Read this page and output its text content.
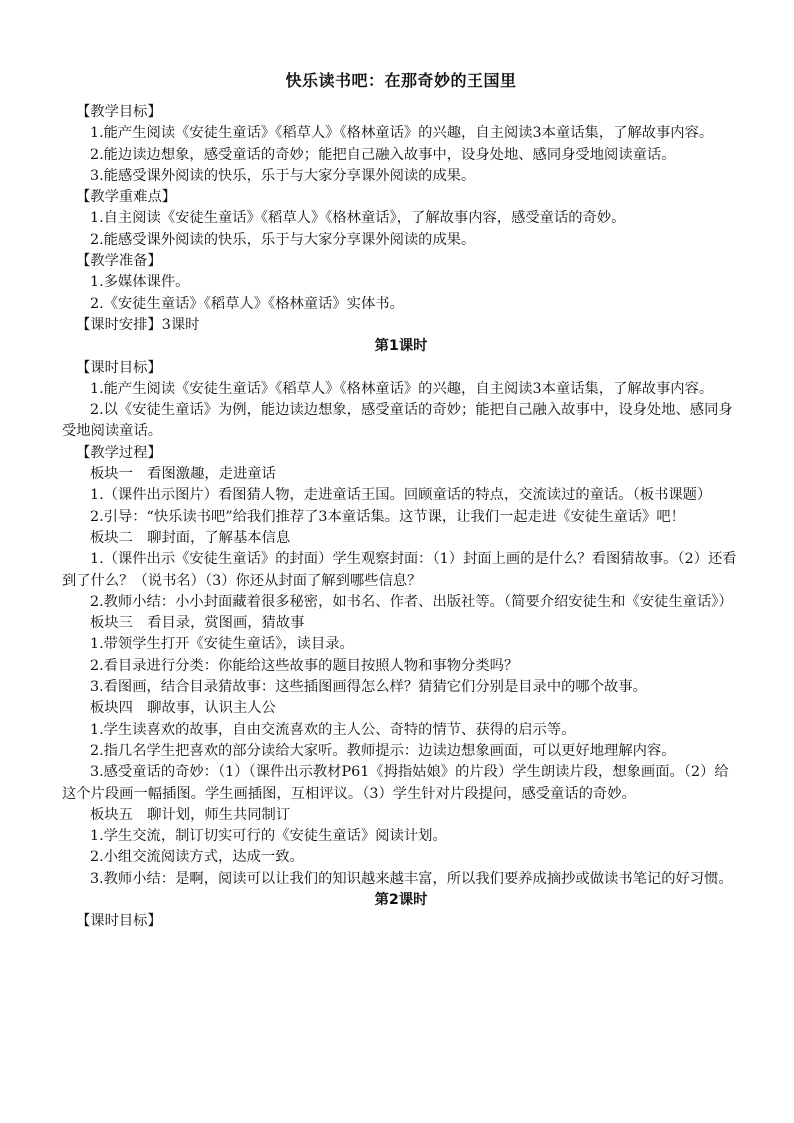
快乐读书吧：在那奇妙的王国里
【教学目标】
1.能产生阅读《安徒生童话》《稻草人》《格林童话》的兴趣，自主阅读3本童话集，了解故事内容。
2.能边读边想象，感受童话的奇妙；能把自己融入故事中，设身处地、感同身受地阅读童话。
3.能感受课外阅读的快乐，乐于与大家分享课外阅读的成果。
【教学重难点】
1.自主阅读《安徒生童话》《稻草人》《格林童话》，了解故事内容，感受童话的奇妙。
2.能感受课外阅读的快乐，乐于与大家分享课外阅读的成果。
【教学准备】
1.多媒体课件。
2.《安徒生童话》《稻草人》《格林童话》实体书。
【课时安排】3课时
第1课时
【课时目标】
1.能产生阅读《安徒生童话》《稻草人》《格林童话》的兴趣，自主阅读3本童话集，了解故事内容。
2.以《安徒生童话》为例，能边读边想象，感受童话的奇妙；能把自己融入故事中，设身处地、感同身受地阅读童话。
【教学过程】
板块一　看图激趣，走进童话
1.（课件出示图片）看图猜人物，走进童话王国。回顾童话的特点，交流读过的童话。（板书课题）
2.引导：“快乐读书吧”给我们推荐了3本童话集。这节课，让我们一起走进《安徒生童话》吧！
板块二　聊封面，了解基本信息
1.（课件出示《安徒生童话》的封面）学生观察封面：（1）封面上画的是什么？看图猜故事。（2）还看到了什么？（说书名）（3）你还从封面了解到哪些信息？
2.教师小结：小小封面藏着很多秘密，如书名、作者、出版社等。（简要介绍安徒生和《安徒生童话》）
板块三　看目录，赏图画，猜故事
1.带领学生打开《安徒生童话》，读目录。
2.看目录进行分类：你能给这些故事的题目按照人物和事物分类吗？
3.看图画，结合目录猜故事：这些插图画得怎么样？猜猜它们分别是目录中的哪个故事。
板块四　聊故事，认识主人公
1.学生读喜欢的故事，自由交流喜欢的主人公、奇特的情节、获得的启示等。
2.指几名学生把喜欢的部分读给大家听。教师提示：边读边想象画面，可以更好地理解内容。
3.感受童话的奇妙：（1）（课件出示教材P61《拇指姑娘》的片段）学生朗读片段，想象画面。（2）给这个片段画一幅插图。学生画插图，互相评议。（3）学生针对片段提问，感受童话的奇妙。
板块五　聊计划，师生共同制订
1.学生交流，制订切实可行的《安徒生童话》阅读计划。
2.小组交流阅读方式，达成一致。
3.教师小结：是啊，阅读可以让我们的知识越来越丰富，所以我们要养成摘抄或做读书笔记的好习惯。
第2课时
【课时目标】
